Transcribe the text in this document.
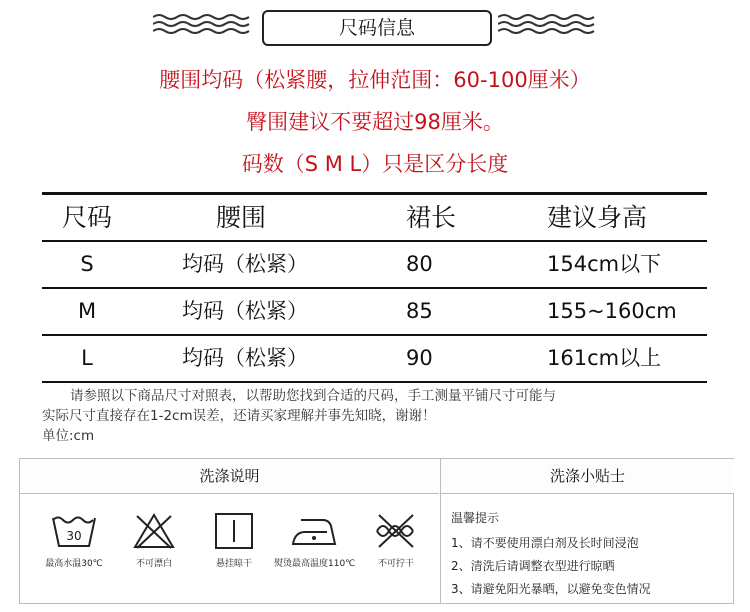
尺码信息
腰围均码（松紧腰，拉伸范围：60-100厘米）
臀围建议不要超过98厘米。
码数（S M L）只是区分长度
尺码	腰围	裙长	建议身高
S	均码（松紧）	80	154cm以下
M	均码（松紧）	85	155~160cm
L	均码（松紧）	90	161cm以上
请参照以下商品尺寸对照表，以帮助您找到合适的尺码，手工测量平铺尺寸可能与
实际尺寸直接存在1-2cm误差，还请买家理解并事先知晓，谢谢！
单位:cm
洗涤说明
30
最高水温30℃	不可漂白	悬挂晾干	熨烫最高温度110℃	不可拧干
洗涤小贴士
温馨提示
1、请不要使用漂白剂及长时间浸泡
2、清洗后请调整衣型进行晾晒
3、请避免阳光暴晒，以避免变色情况
